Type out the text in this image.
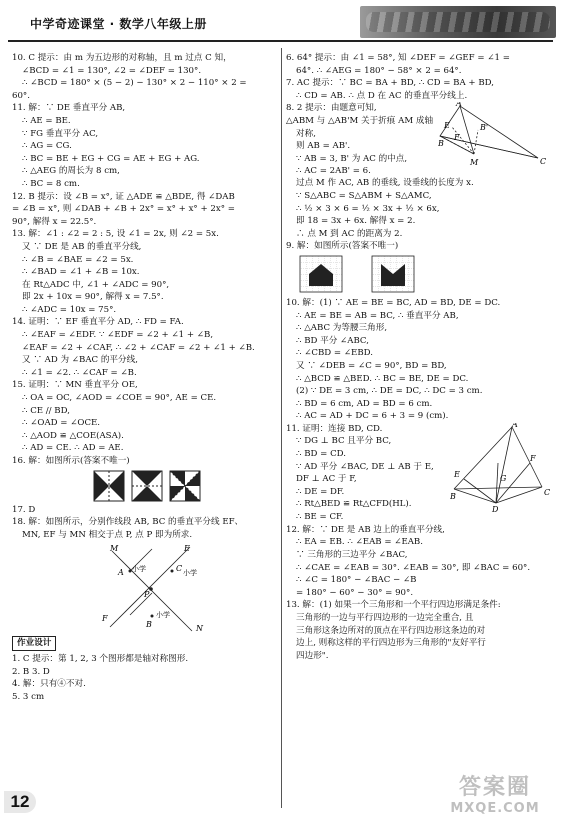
中学奇迹课堂 · 数学八年级上册
10. C 提示：由 m 为五边形的对称轴，且 m 过点 C 知，
∠BCD = ∠1 = 130°, ∠2 = ∠DEF = 130°.
∴ ∠BCD = 180° × (5 − 2) − 130° × 2 − 110° × 2 =
60°.
11. 解：∵ DE 垂直平分 AB,
∴ AE = BE.
∵ FG 垂直平分 AC,
∴ AG = CG.
∴ BC = BE + EG + CG = AE + EG + AG.
∴ △AEG 的周长为 8 cm,
∴ BC = 8 cm.
12. B 提示：设 ∠B = x°, 证 △ADE ≌ △BDE, 得 ∠DAB
= ∠B = x°, 则 ∠DAB + ∠B + 2x° = x° + x° + 2x° =
90°, 解得 x = 22.5°.
13. 解：∠1 : ∠2 = 2 : 5, 设 ∠1 = 2x, 则 ∠2 = 5x.
又 ∵ DE 是 AB 的垂直平分线,
∴ ∠B = ∠BAE = ∠2 = 5x.
∴ ∠BAD = ∠1 + ∠B = 10x.
在 Rt△ADC 中, ∠1 + ∠ADC = 90°,
即 2x + 10x = 90°, 解得 x = 7.5°.
∴ ∠ADC = 10x = 75°.
14. 证明：∵ EF 垂直平分 AD, ∴ FD = FA.
∴ ∠EAF = ∠EDF. ∵ ∠EDF = ∠2 + ∠1 + ∠B,
∠EAF = ∠2 + ∠CAF, ∴ ∠2 + ∠CAF = ∠2 + ∠1 + ∠B.
又 ∵ AD 为 ∠BAC 的平分线,
∴ ∠1 = ∠2. ∴ ∠CAF = ∠B.
15. 证明：∵ MN 垂直平分 OE,
∴ OA = OC, ∠AOD = ∠COE = 90°, AE = CE.
∴ CE // BD,
∴ ∠OAD = ∠OCE.
∴ △AOD ≌ △COE(ASA).
∴ AD = CE. ∴ AD = AE.
16. 解：如图所示(答案不唯一)
17. D
18. 解：如图所示，分别作线段 AB, BC 的垂直平分线 EF、
MN, EF 与 MN 相交于点 P, 点 P 即为所求.
M	E
A 小学	C 小学
P
F
B
小学
N
作业设计
1. C 提示：第 1, 2, 3 个图形都是轴对称图形.
2. B 3. D
4. 解：只有④不对.
5. 3 cm
6. 64° 提示：由 ∠1 = 58°, 知 ∠DEF = ∠GEF = ∠1 =
64°. ∴ ∠AEG = 180° − 58° × 2 = 64°.
7. AC 提示：∵ BC = BA + BD, ∴ CD = BA + BD,
∴ CD = AB. ∴ 点 D 在 AC 的垂直平分线上.
8. 2 提示：由题意可知,
△ABM 与 △AB'M 关于折痕 AM 成轴
对称,
则 AB = AB'.
∵ AB = 3, B' 为 AC 的中点,
∴ AC = 2AB' = 6.
A
B'
E
F
B
M	C
过点 M 作 AC, AB 的垂线, 设垂线的长度为 x.
∵ S△ABC = S△ABM + S△AMC,
∴ ½ × 3 × 6 = ½ × 3x + ½ × 6x,
即 18 = 3x + 6x. 解得 x = 2.
∴ 点 M 到 AC 的距离为 2.
9. 解：如图所示(答案不唯一)
10. 解：(1) ∵ AE = BE = BC, AD = BD, DE = DC.
∴ AE = BE = AB = BC, ∴ 垂直平分 AB,
∴ △ABC 为等腰三角形,
∴ BD 平分 ∠ABC,
∴ ∠CBD = ∠EBD.
又 ∵ ∠DEB = ∠C = 90°, BD = BD,
∴ △BCD ≌ △BED. ∴ BC = BE, DE = DC.
(2) ∵ DE = 3 cm, ∴ DE = DC, ∴ DC = 3 cm.
∴ BD = 6 cm, AD = BD = 6 cm.
∴ AC = AD + DC = 6 + 3 = 9 (cm).
11. 证明：连接 BD, CD.
∵ DG ⊥ BC 且平分 BC,
∴ BD = CD.
∵ AD 平分 ∠BAC, DE ⊥ AB 于 E,
DF ⊥ AC 于 F,
∴ DE = DF.
∴ Rt△BED ≌ Rt△CFD(HL).
∴ BE = CF.
A
E	G
F
B	C
D
12. 解：∵ DE 是 AB 边上的垂直平分线,
∴ EA = EB. ∴ ∠EAB = ∠EAB.
∵ 三角形的三边平分 ∠BAC,
∴ ∠CAE = ∠EAB = 30°. ∠EAB = 30°, 即 ∠BAC = 60°.
∴ ∠C = 180° − ∠BAC − ∠B
= 180° − 60° − 30° = 90°.
13. 解：(1) 如果一个三角形和一个平行四边形满足条件:
三角形的一边与平行四边形的一边完全重合, 且
三角形这条边所对的顶点在平行四边形这条边的对
边上, 则称这样的平行四边形为三角形的"友好平行
四边形".
12
答案圈
MXQE.COM
